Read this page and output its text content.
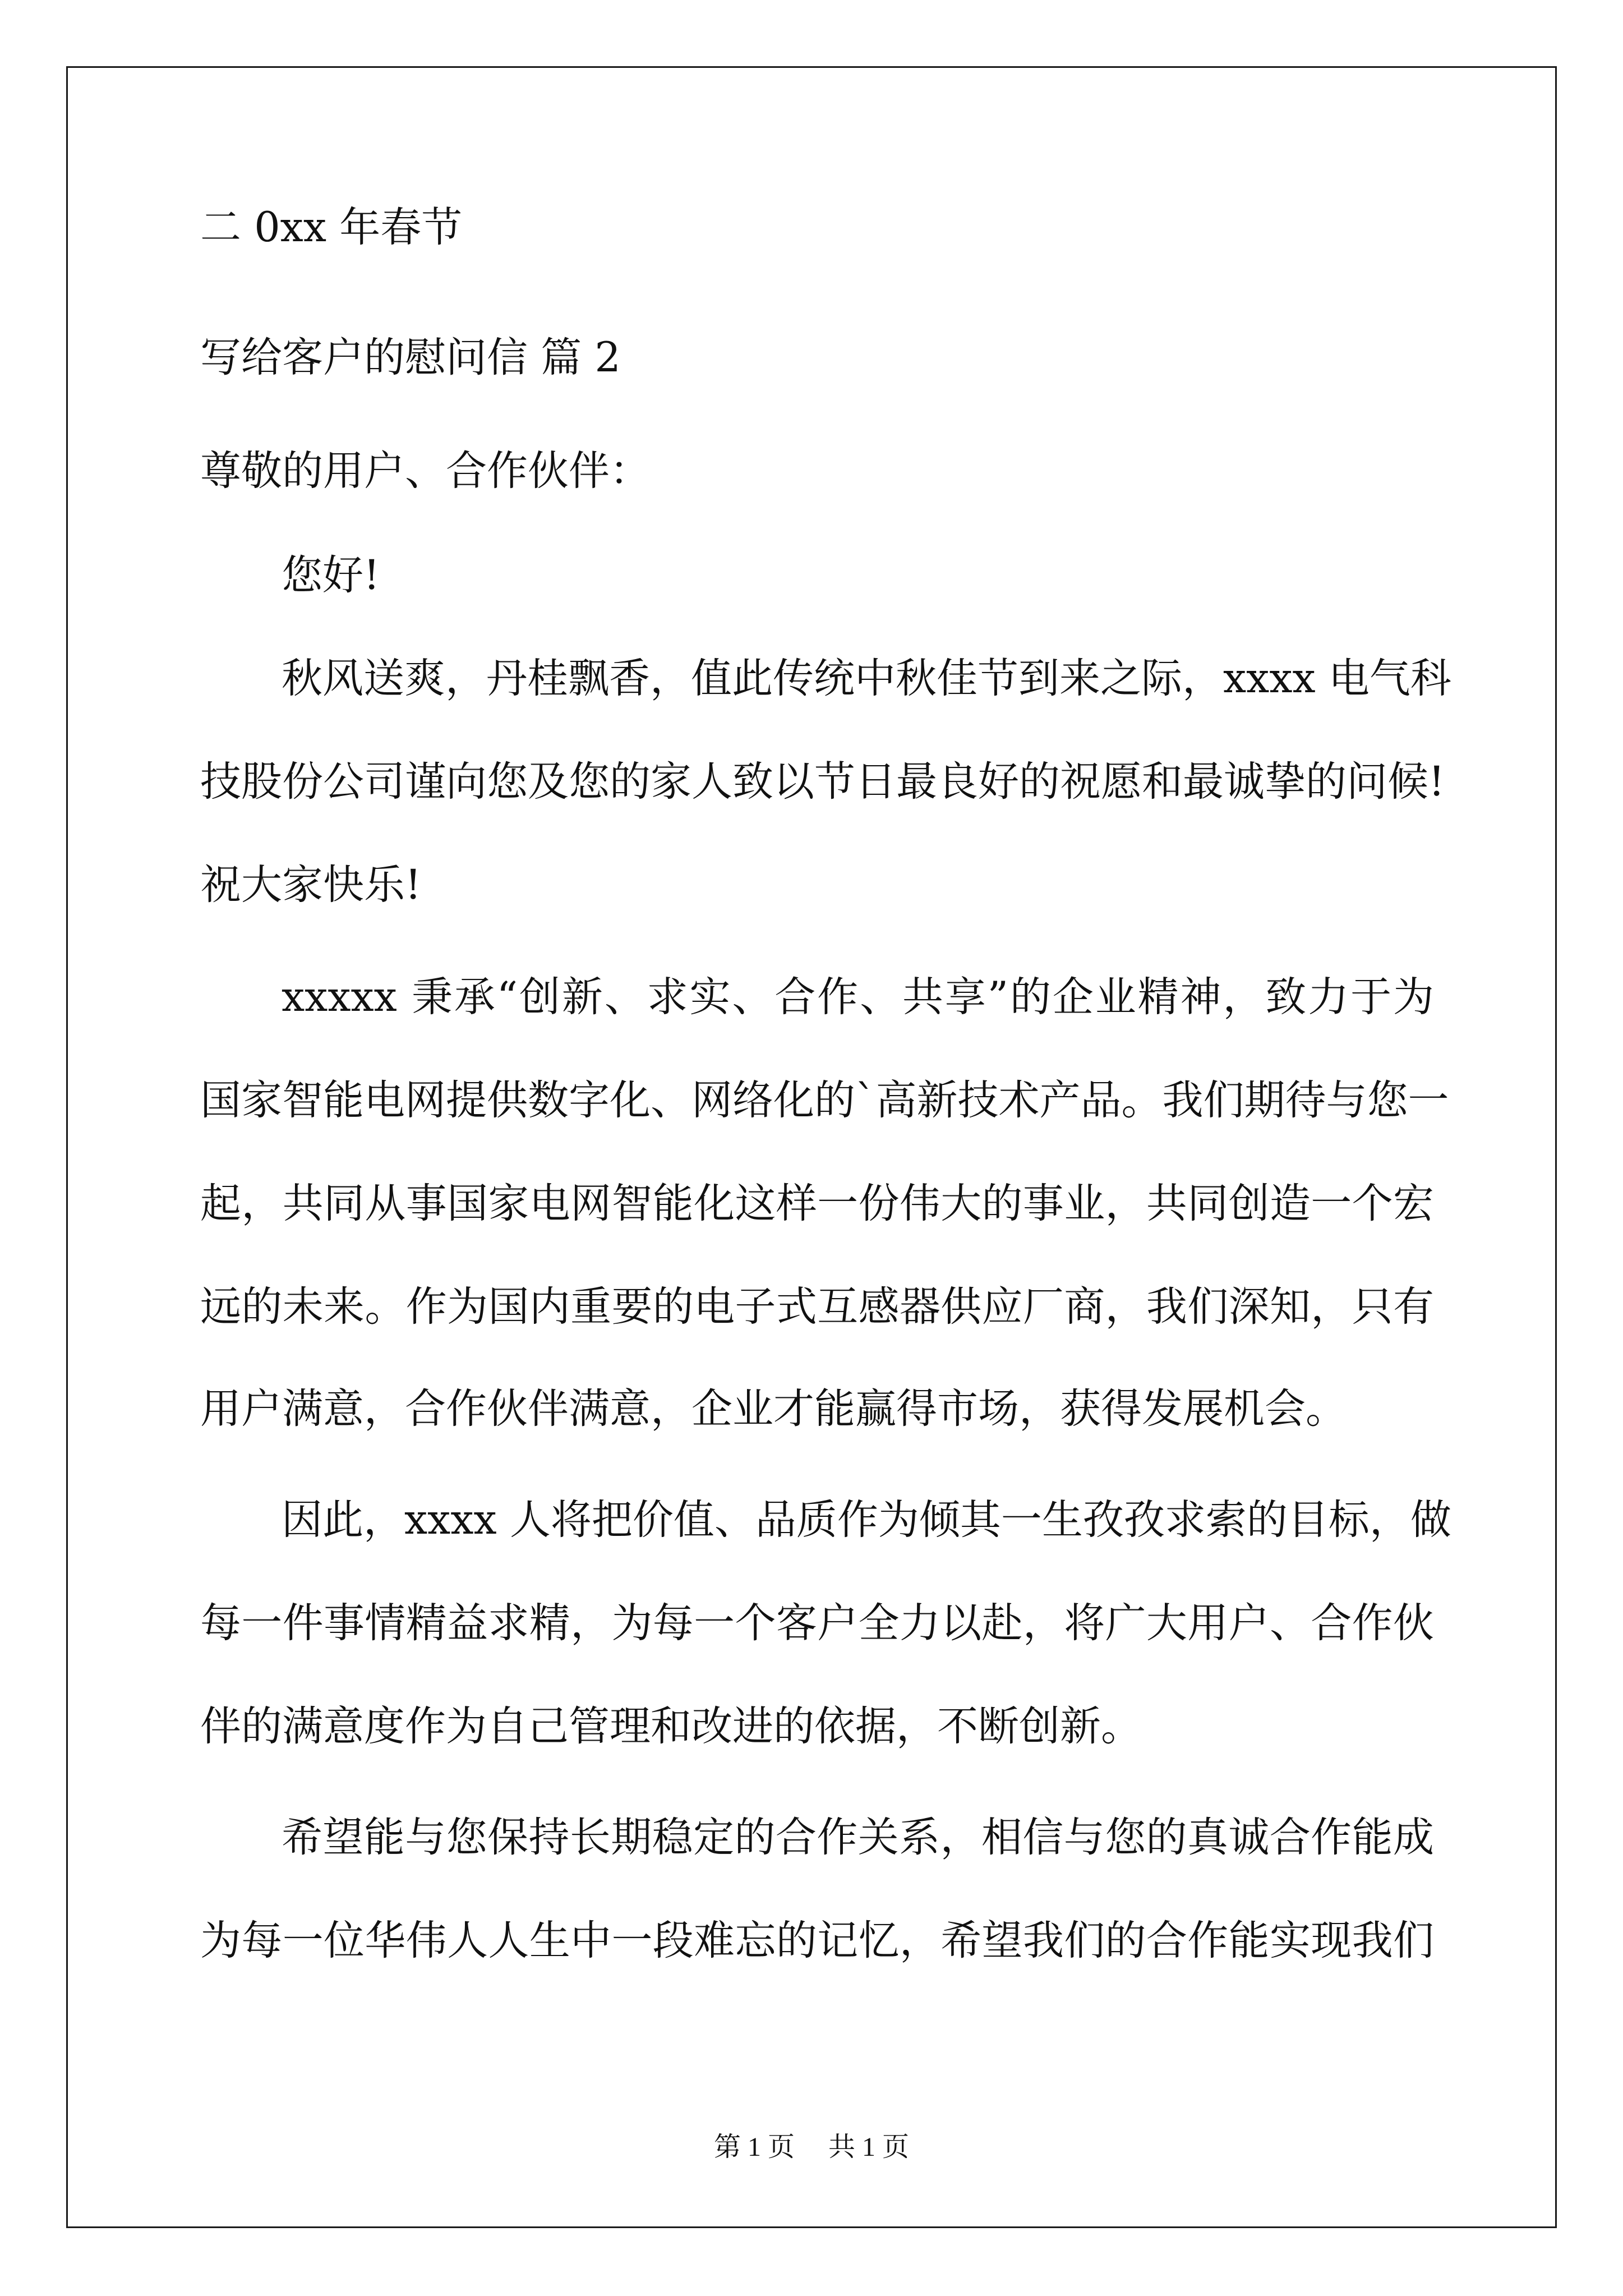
二 0xx 年春节
写给客户的慰问信 篇 2
尊敬的用户、合作伙伴：
您好!
秋风送爽，丹桂飘香，值此传统中秋佳节到来之际，xxxx 电气科
技股份公司谨向您及您的家人致以节日最良好的祝愿和最诚挚的问候!
祝大家快乐!
xxxxx 秉承“创新、求实、合作、共享”的企业精神，致力于为
国家智能电网提供数字化、网络化的`高新技术产品。我们期待与您一
起，共同从事国家电网智能化这样一份伟大的事业，共同创造一个宏
远的未来。作为国内重要的电子式互感器供应厂商，我们深知，只有
用户满意，合作伙伴满意，企业才能赢得市场，获得发展机会。
因此，xxxx 人将把价值、品质作为倾其一生孜孜求索的目标，做
每一件事情精益求精，为每一个客户全力以赴，将广大用户、合作伙
伴的满意度作为自己管理和改进的依据，不断创新。
希望能与您保持长期稳定的合作关系，相信与您的真诚合作能成
为每一位华伟人人生中一段难忘的记忆，希望我们的合作能实现我们
第 1 页 共 1 页
